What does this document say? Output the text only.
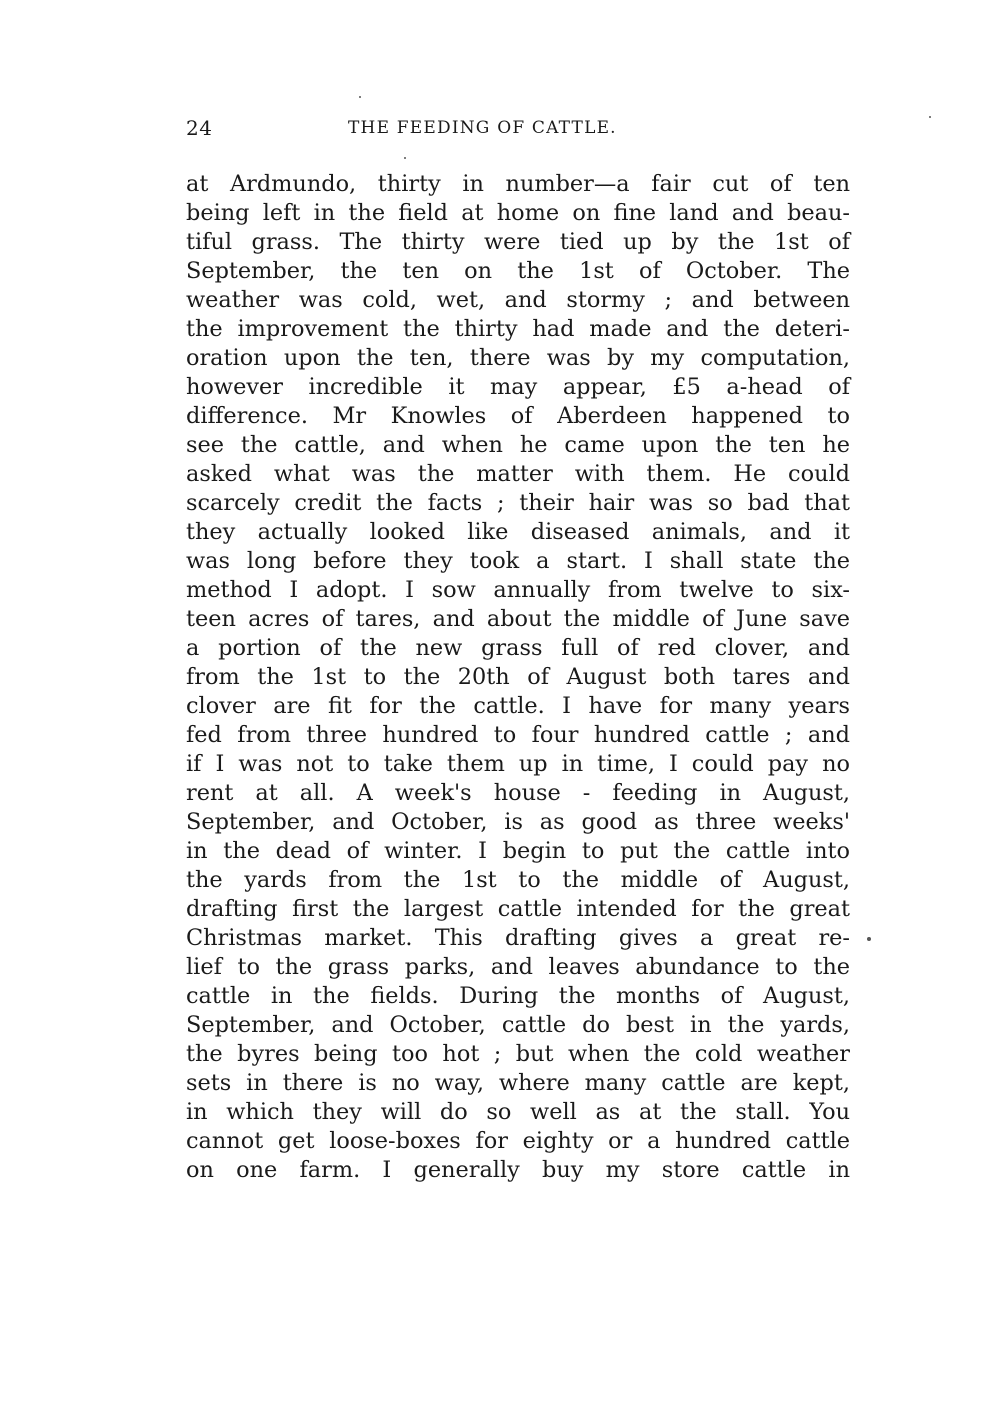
24	THE FEEDING OF CATTLE.
at Ardmundo, thirty in number—a fair cut of ten
being left in the field at home on fine land and beau-
tiful grass. The thirty were tied up by the 1st of
September, the ten on the 1st of October. The
weather was cold, wet, and stormy ; and between
the improvement the thirty had made and the deteri-
oration upon the ten, there was by my computation,
however incredible it may appear, £5 a-head of
difference. Mr Knowles of Aberdeen happened to
see the cattle, and when he came upon the ten he
asked what was the matter with them. He could
scarcely credit the facts ; their hair was so bad that
they actually looked like diseased animals, and it
was long before they took a start. I shall state the
method I adopt. I sow annually from twelve to six-
teen acres of tares, and about the middle of June save
a portion of the new grass full of red clover, and
from the 1st to the 20th of August both tares and
clover are fit for the cattle. I have for many years
fed from three hundred to four hundred cattle ; and
if I was not to take them up in time, I could pay no
rent at all. A week's house - feeding in August,
September, and October, is as good as three weeks'
in the dead of winter. I begin to put the cattle into
the yards from the 1st to the middle of August,
drafting first the largest cattle intended for the great
Christmas market. This drafting gives a great re-
lief to the grass parks, and leaves abundance to the
cattle in the fields. During the months of August,
September, and October, cattle do best in the yards,
the byres being too hot ; but when the cold weather
sets in there is no way, where many cattle are kept,
in which they will do so well as at the stall. You
cannot get loose-boxes for eighty or a hundred cattle
on one farm. I generally buy my store cattle in
